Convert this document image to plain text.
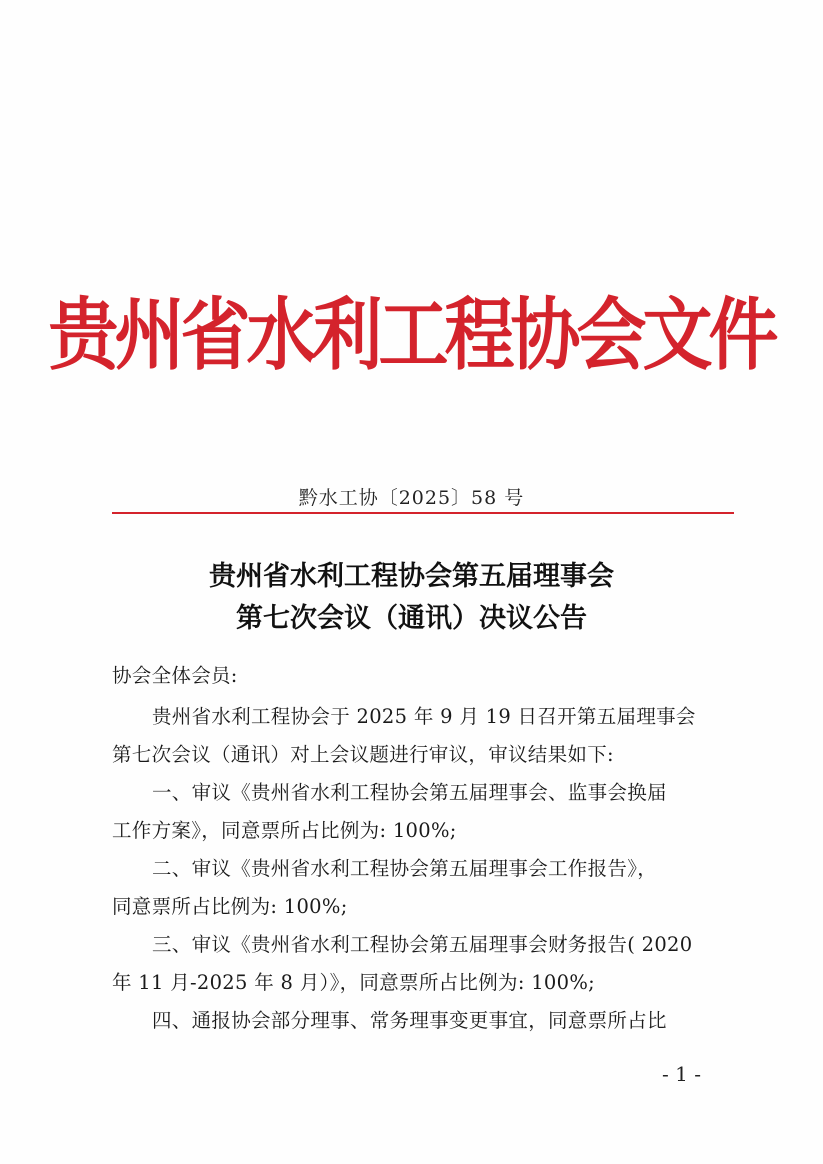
贵州省水利工程协会文件
黔水工协〔2025〕58 号
贵州省水利工程协会第五届理事会
第七次会议（通讯）决议公告
协会全体会员:
贵州省水利工程协会于 2025 年 9 月 19 日召开第五届理事会
第七次会议（通讯）对上会议题进行审议，审议结果如下:
一、审议《贵州省水利工程协会第五届理事会、监事会换届
工作方案》，同意票所占比例为: 100%;
二、审议《贵州省水利工程协会第五届理事会工作报告》，
同意票所占比例为: 100%;
三、审议《贵州省水利工程协会第五届理事会财务报告( 2020
年 11 月-2025 年 8 月）》，同意票所占比例为: 100%;
四、通报协会部分理事、常务理事变更事宜，同意票所占比
- 1 -
